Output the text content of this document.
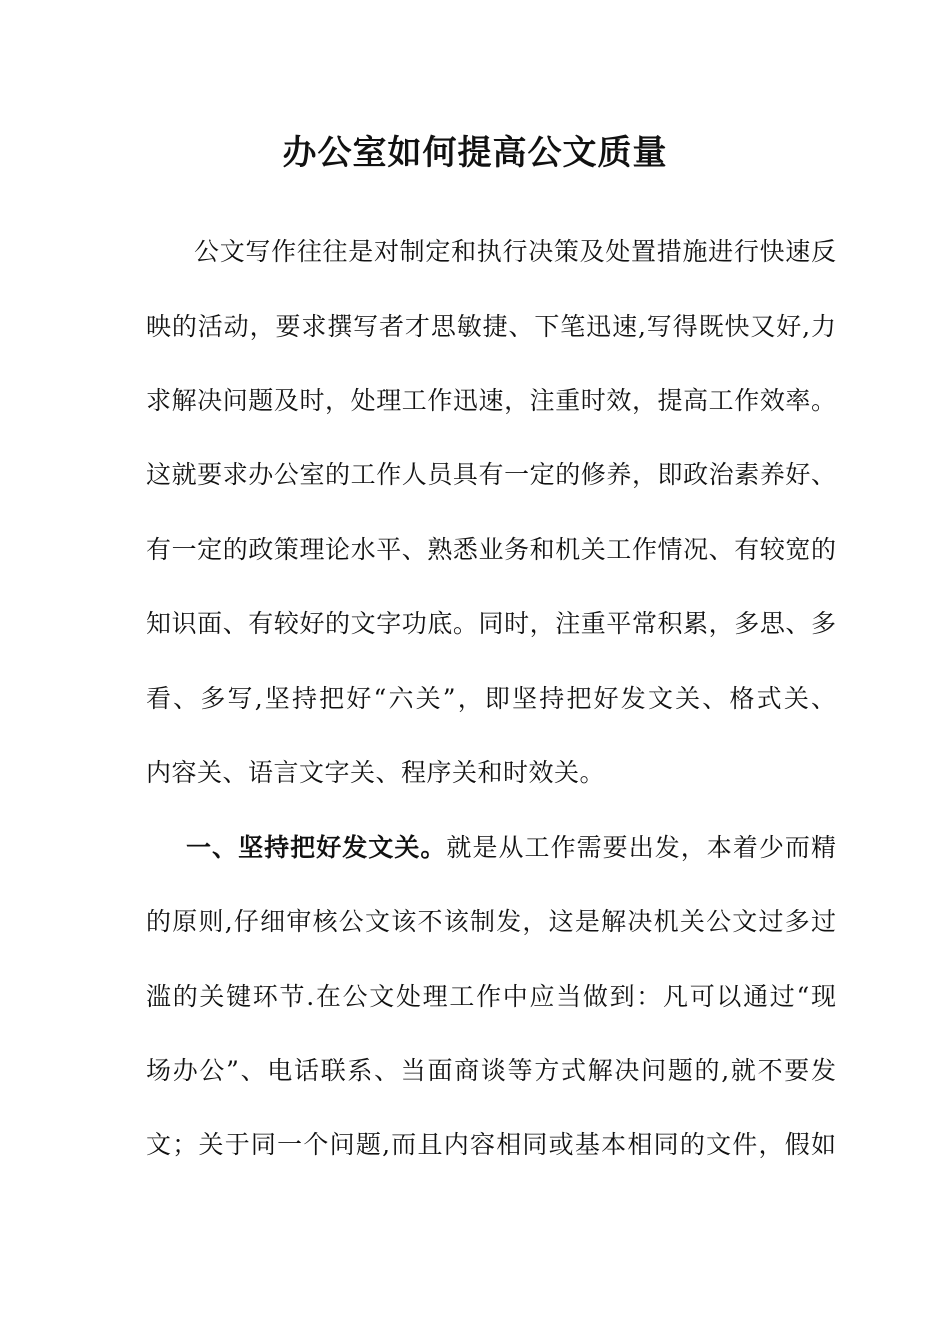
办公室如何提高公文质量

公文写作往往是对制定和执行决策及处置措施进行快速反

映的活动，要求撰写者才思敏捷、下笔迅速,写得既快又好,力

求解决问题及时，处理工作迅速，注重时效，提高工作效率。

这就要求办公室的工作人员具有一定的修养，即政治素养好、

有一定的政策理论水平、熟悉业务和机关工作情况、有较宽的

知识面、有较好的文字功底。同时，注重平常积累，多思、多

看、多写,坚持把好“六关”，即坚持把好发文关、格式关、

内容关、语言文字关、程序关和时效关。

一、坚持把好发文关。就是从工作需要出发，本着少而精

的原则,仔细审核公文该不该制发，这是解决机关公文过多过

滥的关键环节.在公文处理工作中应当做到：凡可以通过“现

场办公”、电话联系、当面商谈等方式解决问题的,就不要发

文；关于同一个问题,而且内容相同或基本相同的文件，假如
